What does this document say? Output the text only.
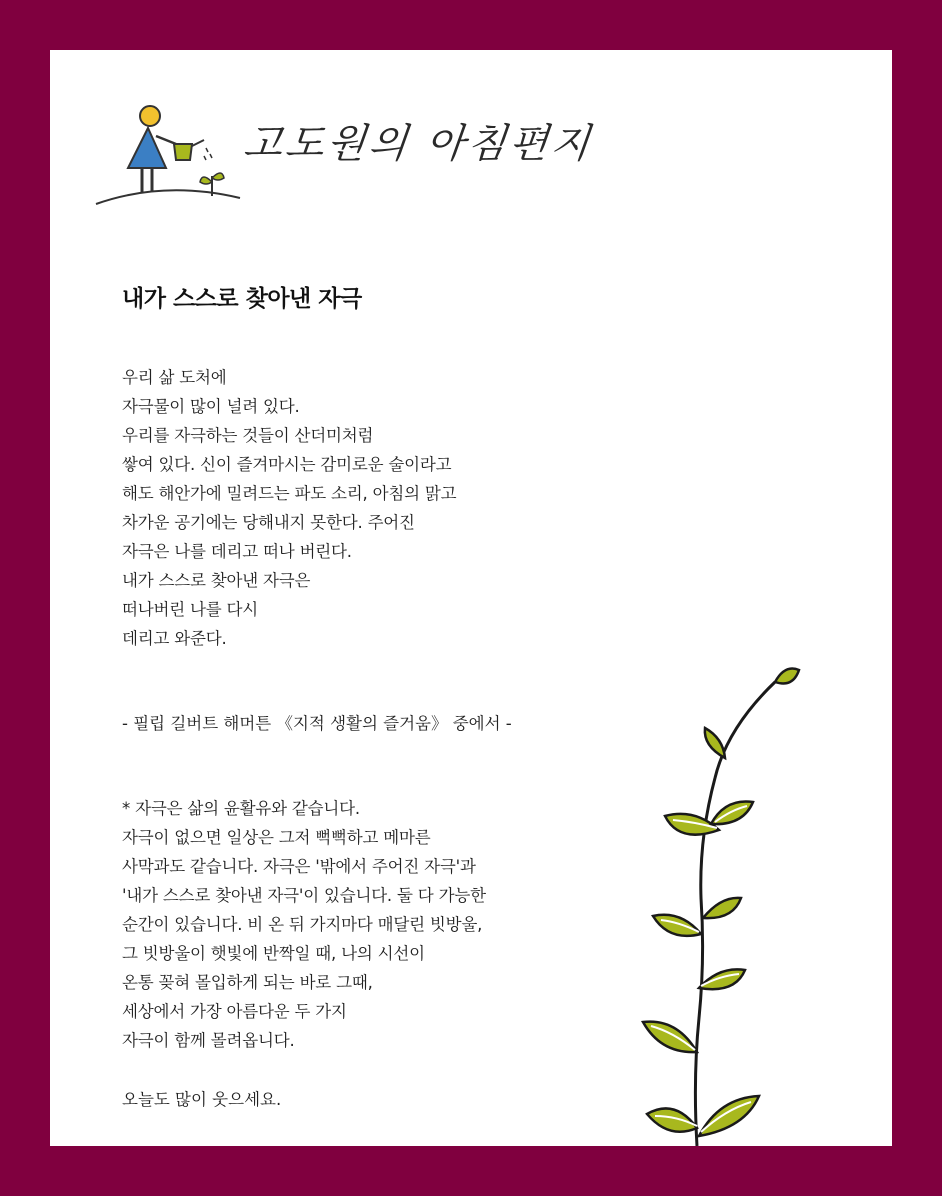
고도원의 아침편지
내가 스스로 찾아낸 자극
우리 삶 도처에
자극물이 많이 널려 있다.
우리를 자극하는 것들이 산더미처럼
쌓여 있다. 신이 즐겨마시는 감미로운 술이라고
해도 해안가에 밀려드는 파도 소리, 아침의 맑고
차가운 공기에는 당해내지 못한다. 주어진
자극은 나를 데리고 떠나 버린다.
내가 스스로 찾아낸 자극은
떠나버린 나를 다시
데리고 와준다.
- 필립 길버트 해머튼 《지적 생활의 즐거움》 중에서 -
* 자극은 삶의 윤활유와 같습니다.
자극이 없으면 일상은 그저 뻑뻑하고 메마른
사막과도 같습니다. 자극은 '밖에서 주어진 자극'과
'내가 스스로 찾아낸 자극'이 있습니다. 둘 다 가능한
순간이 있습니다. 비 온 뒤 가지마다 매달린 빗방울,
그 빗방울이 햇빛에 반짝일 때, 나의 시선이
온통 꽂혀 몰입하게 되는 바로 그때,
세상에서 가장 아름다운 두 가지
자극이 함께 몰려옵니다.
오늘도 많이 웃으세요.
